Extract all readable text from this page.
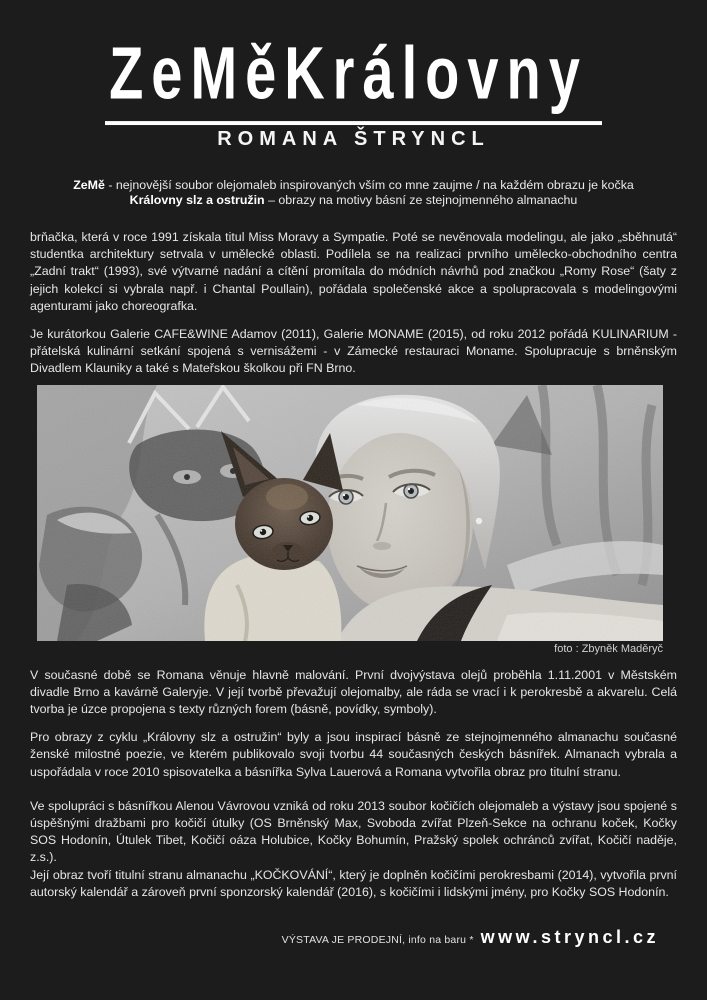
ZeMěKrálovny
ROMANA ŠTRYNCL
ZeMě - nejnovější soubor olejomaleb inspirovaných vším co mne zaujme / na každém obrazu je kočka
Královny slz a ostružin – obrazy na motivy básní ze stejnojmenného almanachu

brňačka, která v roce 1991 získala titul Miss Moravy a Sympatie. Poté se nevěnovala modelingu, ale jako „sběhnutá“ studentka architektury setrvala v umělecké oblasti. Podílela se na realizaci prvního umělecko-obchodního centra „Zadní trakt“ (1993), své výtvarné nadání a cítění promítala do módních návrhů pod značkou „Romy Rose“ (šaty z jejich kolekcí si vybrala např. i Chantal Poullain), pořádala společenské akce a spolupracovala s modelingovými agenturami jako choreografka.

Je kurátorkou Galerie CAFE&WINE Adamov (2011), Galerie MONAME (2015), od roku 2012 pořádá KULINARIUM - přátelská kulinární setkání spojená s vernisážemi - v Zámecké restauraci Moname. Spolupracuje s brněnským Divadlem Klauniky a také s Mateřskou školkou při FN Brno.

foto : Zbyněk Maděryč

V současné době se Romana věnuje hlavně malování. První dvojvýstava olejů proběhla 1.11.2001 v Městském divadle Brno a kavárně Galeryje. V její tvorbě převažují olejomalby, ale ráda se vrací i k perokresbě a akvarelu. Celá tvorba je úzce propojena s texty různých forem (básně, povídky, symboly).

Pro obrazy z cyklu „Královny slz a ostružin“ byly a jsou inspirací básně ze stejnojmenného almanachu současné ženské milostné poezie, ve kterém publikovalo svoji tvorbu 44 současných českých básnířek. Almanach vybrala a uspořádala v roce 2010 spisovatelka a básnířka Sylva Lauerová a Romana vytvořila obraz pro titulní stranu.

Ve spolupráci s básnířkou Alenou Vávrovou vzniká od roku 2013 soubor kočičích olejomaleb a výstavy jsou spojené s úspěšnými dražbami pro kočičí útulky (OS Brněnský Max, Svoboda zvířat Plzeň-Sekce na ochranu koček, Kočky SOS Hodonín, Útulek Tibet, Kočičí oáza Holubice, Kočky Bohumín, Pražský spolek ochránců zvířat, Kočičí naděje, z.s.).

Její obraz tvoří titulní stranu almanachu „KOČKOVÁNÍ“, který je doplněn kočičími perokresbami (2014), vytvořila první autorský kalendář a zároveň první sponzorský kalendář (2016), s kočičími i lidskými jmény, pro Kočky SOS Hodonín.

VÝSTAVA JE PRODEJNÍ, info na baru * www.stryncl.cz
